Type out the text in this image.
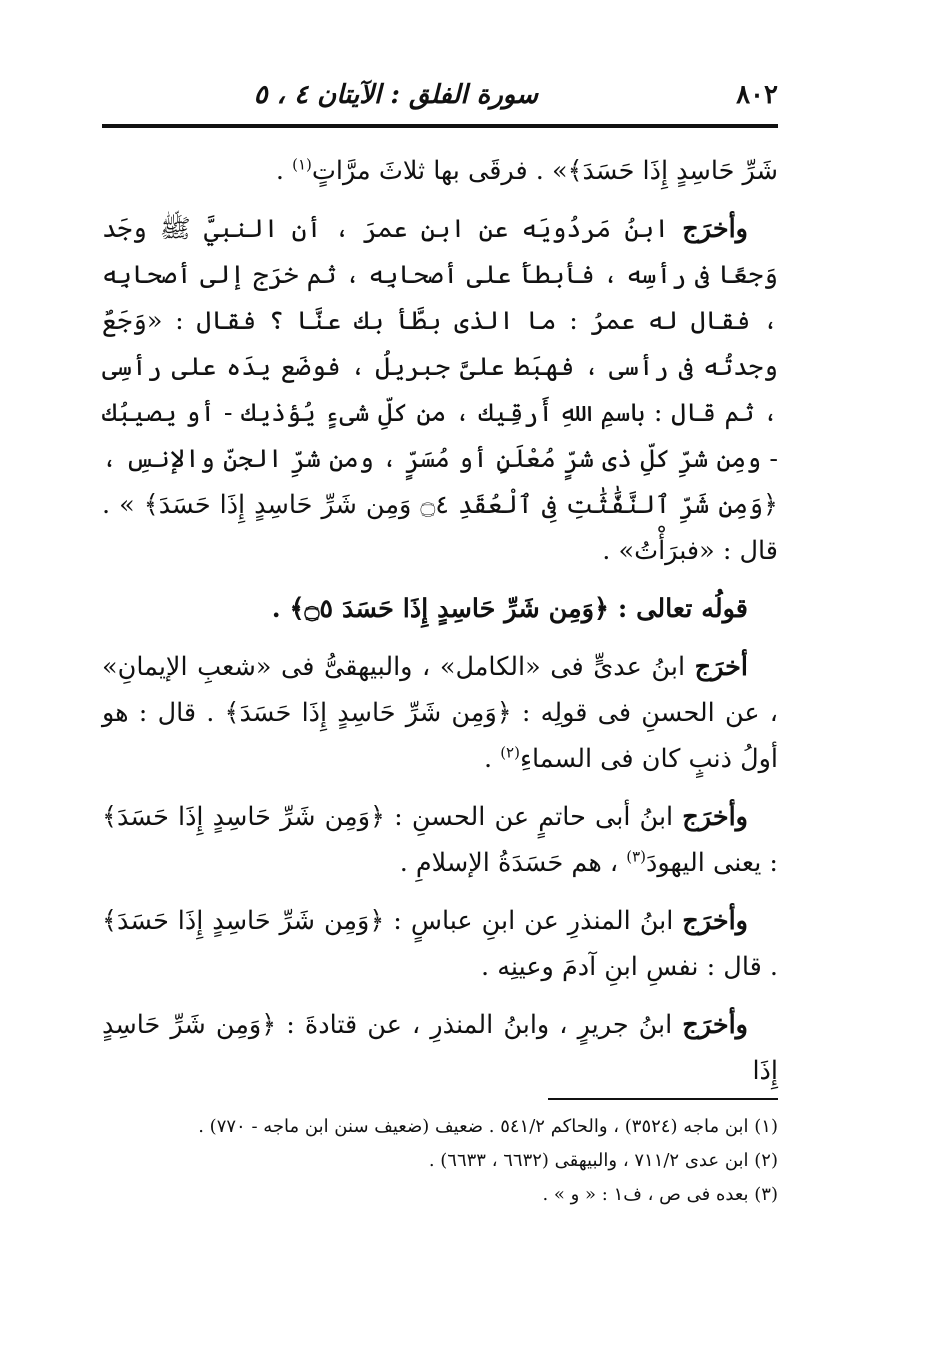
٨٠٢
سورة الفلق : الآيتان ٤ ، ٥

شَرِّ حَاسِدٍ إِذَا حَسَدَ﴾» . فرقَى بها ثلاثَ مرَّاتٍ$^{(١)}$ .

وأخرَج ابنُ مَردُويَه عن ابنِ عمرَ ، أن النبيَّ ﷺ وجَد وَجعًا فى رأسِه ، فأبطأَ على أصحابِه ، ثم خرَج إلى أصحابِه ، فقال له عمرُ : ما الذى بطَّأ بك عنَّا ؟ فقال : «وَجَعٌ وجدتُه فى رأسى ، فهبَط علىَّ جبريلُ ، فوضَع يدَه على رأسِى ، ثم قال : باسمِ اللهِ أَرقِيك ، من كلِّ شىءٍ يُؤذيك - أو يصيبُك - ومِن شرِّ كلِّ ذى شرٍّ مُعْلَنٍ أو مُسَرٍّ ، ومن شرِّ الجنِّ والإنسِ ، ﴿وَمِن شَرِّ ٱلنَّفَّٰثَٰتِ فِى ٱلْعُقَدِ ۝٤ وَمِن شَرِّ حَاسِدٍ إِذَا حَسَدَ﴾ » . قال : «فبرَأْتُ» .

قولُه تعالى : ﴿وَمِن شَرِّ حَاسِدٍ إِذَا حَسَدَ ۝٥﴾ .

أخرَج ابنُ عدىٍّ فى «الكامل» ، والبيهقىُّ فى «شعبِ الإيمانِ» ، عن الحسنِ فى قولِه : ﴿وَمِن شَرِّ حَاسِدٍ إِذَا حَسَدَ﴾ . قال : هو أولُ ذنبٍ كان فى السماءِ$^{(٢)}$ .

وأخرَج ابنُ أبى حاتمٍ عن الحسنِ : ﴿وَمِن شَرِّ حَاسِدٍ إِذَا حَسَدَ﴾ : يعنى اليهودَ$^{(٣)}$ ، هم حَسَدَةُ الإسلامِ .

وأخرَج ابنُ المنذرِ عن ابنِ عباسٍ : ﴿وَمِن شَرِّ حَاسِدٍ إِذَا حَسَدَ﴾ . قال : نفسِ ابنِ آدمَ وعينِه .

وأخرَج ابنُ جريرٍ ، وابنُ المنذرِ ، عن قتادةَ : ﴿وَمِن شَرِّ حَاسِدٍ إِذَا

(١) ابن ماجه (٣٥٢٤) ، والحاكم ٥٤١/٢ . ضعيف (ضعيف سنن ابن ماجه - ٧٧٠) .

(٢) ابن عدى ٧١١/٢ ، والبيهقى (٦٦٣٢ ، ٦٦٣٣) .

(٣) بعده فى ص ، ف١ : « و » .
